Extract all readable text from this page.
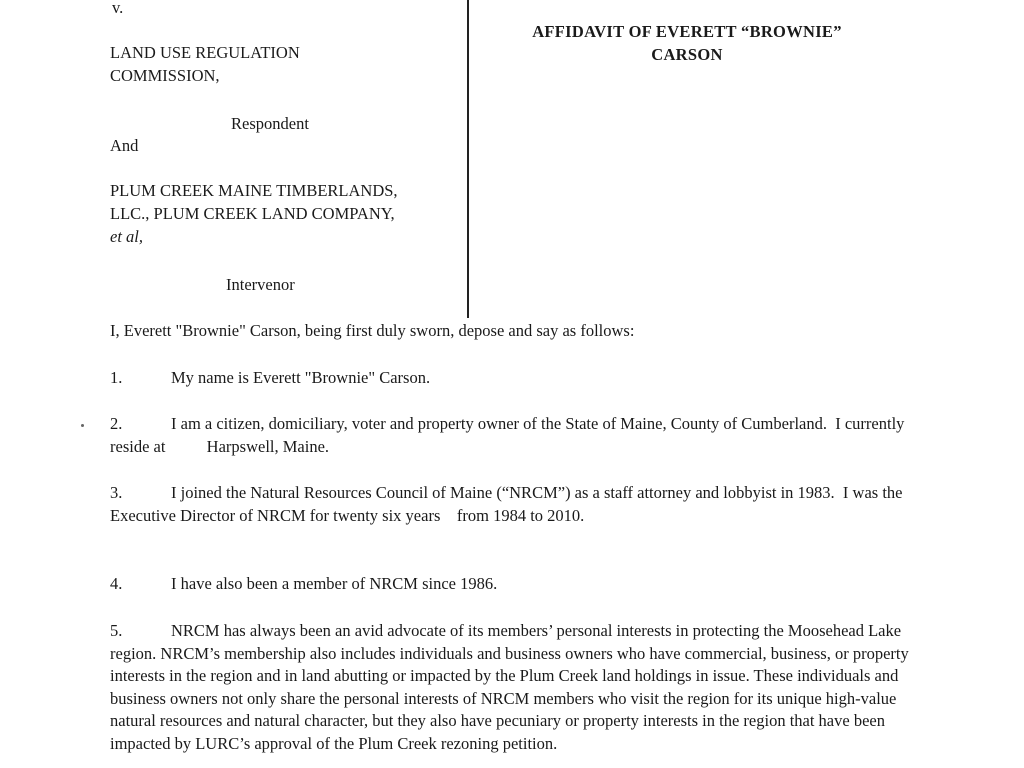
v.
LAND USE REGULATION
COMMISSION,
Respondent
And
PLUM CREEK MAINE TIMBERLANDS,
LLC., PLUM CREEK LAND COMPANY,
et al,
Intervenor
AFFIDAVIT OF EVERETT “BROWNIE”
CARSON
I, Everett "Brownie" Carson, being first duly sworn, depose and say as follows:
1.	My name is Everett "Brownie" Carson.
2.	I am a citizen, domiciliary, voter and property owner of the State of Maine, County of Cumberland.  I currently reside at          Harpswell, Maine.
3.	I joined the Natural Resources Council of Maine (“NRCM”) as a staff attorney and lobbyist in 1983.  I was the Executive Director of NRCM for twenty six years    from 1984 to 2010.
4.	I have also been a member of NRCM since 1986.
5.	NRCM has always been an avid advocate of its members’ personal interests in protecting the Moosehead Lake region. NRCM’s membership also includes individuals and business owners who have commercial, business, or property interests in the region and in land abutting or impacted by the Plum Creek land holdings in issue. These individuals and business owners not only share the personal interests of NRCM members who visit the region for its unique high-value natural resources and natural character, but they also have pecuniary or property interests in the region that have been impacted by LURC’s approval of the Plum Creek rezoning petition.
